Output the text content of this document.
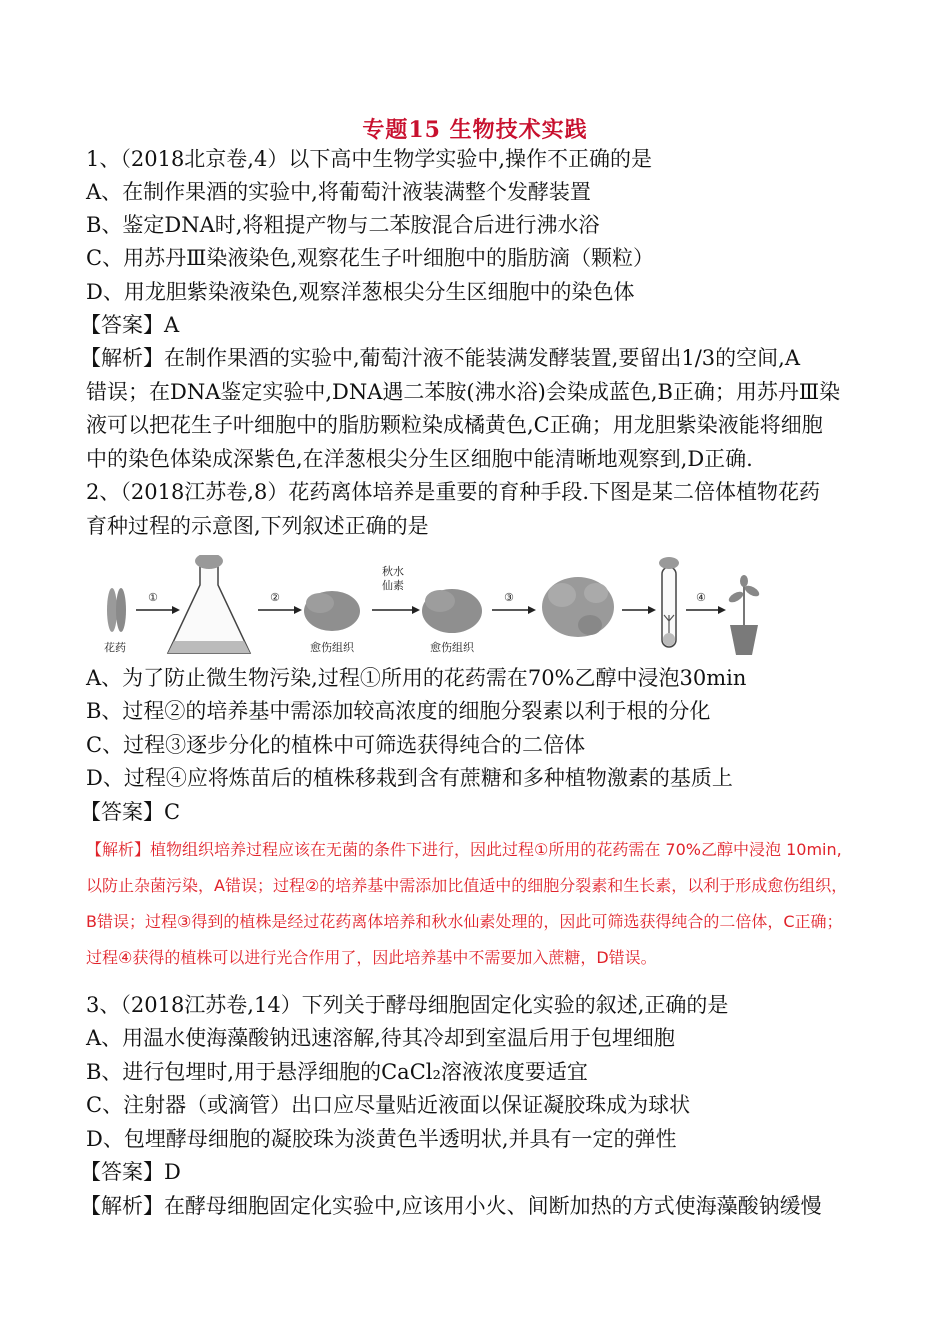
专题15 生物技术实践
1、（2018北京卷,4）以下高中生物学实验中,操作不正确的是
A、在制作果酒的实验中,将葡萄汁液装满整个发酵装置
B、鉴定DNA时,将粗提产物与二苯胺混合后进行沸水浴
C、用苏丹Ⅲ染液染色,观察花生子叶细胞中的脂肪滴（颗粒）
D、用龙胆紫染液染色,观察洋葱根尖分生区细胞中的染色体
【答案】A
【解析】在制作果酒的实验中,葡萄汁液不能装满发酵装置,要留出1/3的空间,A
错误；在DNA鉴定实验中,DNA遇二苯胺(沸水浴)会染成蓝色,B正确；用苏丹Ⅲ染
液可以把花生子叶细胞中的脂肪颗粒染成橘黄色,C正确；用龙胆紫染液能将细胞
中的染色体染成深紫色,在洋葱根尖分生区细胞中能清晰地观察到,D正确.
2、（2018江苏卷,8）花药离体培养是重要的育种手段.下图是某二倍体植物花药
育种过程的示意图,下列叙述正确的是
花药
①	②
愈伤组织
秋水
仙素
愈伤组织
③	④
A、为了防止微生物污染,过程①所用的花药需在70%乙醇中浸泡30min
B、过程②的培养基中需添加较高浓度的细胞分裂素以利于根的分化
C、过程③逐步分化的植株中可筛选获得纯合的二倍体
D、过程④应将炼苗后的植株移栽到含有蔗糖和多种植物激素的基质上
【答案】C
【解析】植物组织培养过程应该在无菌的条件下进行，因此过程①所用的花药需在 70%乙醇中浸泡 10min,
以防止杂菌污染，A错误；过程②的培养基中需添加比值适中的细胞分裂素和生长素，以利于形成愈伤组织，
B错误；过程③得到的植株是经过花药离体培养和秋水仙素处理的，因此可筛选获得纯合的二倍体，C正确；
过程④获得的植株可以进行光合作用了，因此培养基中不需要加入蔗糖，D错误。
3、（2018江苏卷,14）下列关于酵母细胞固定化实验的叙述,正确的是
A、用温水使海藻酸钠迅速溶解,待其冷却到室温后用于包埋细胞
B、进行包埋时,用于悬浮细胞的CaCl₂溶液浓度要适宜
C、注射器（或滴管）出口应尽量贴近液面以保证凝胶珠成为球状
D、包埋酵母细胞的凝胶珠为淡黄色半透明状,并具有一定的弹性
【答案】D
【解析】在酵母细胞固定化实验中,应该用小火、间断加热的方式使海藻酸钠缓慢
